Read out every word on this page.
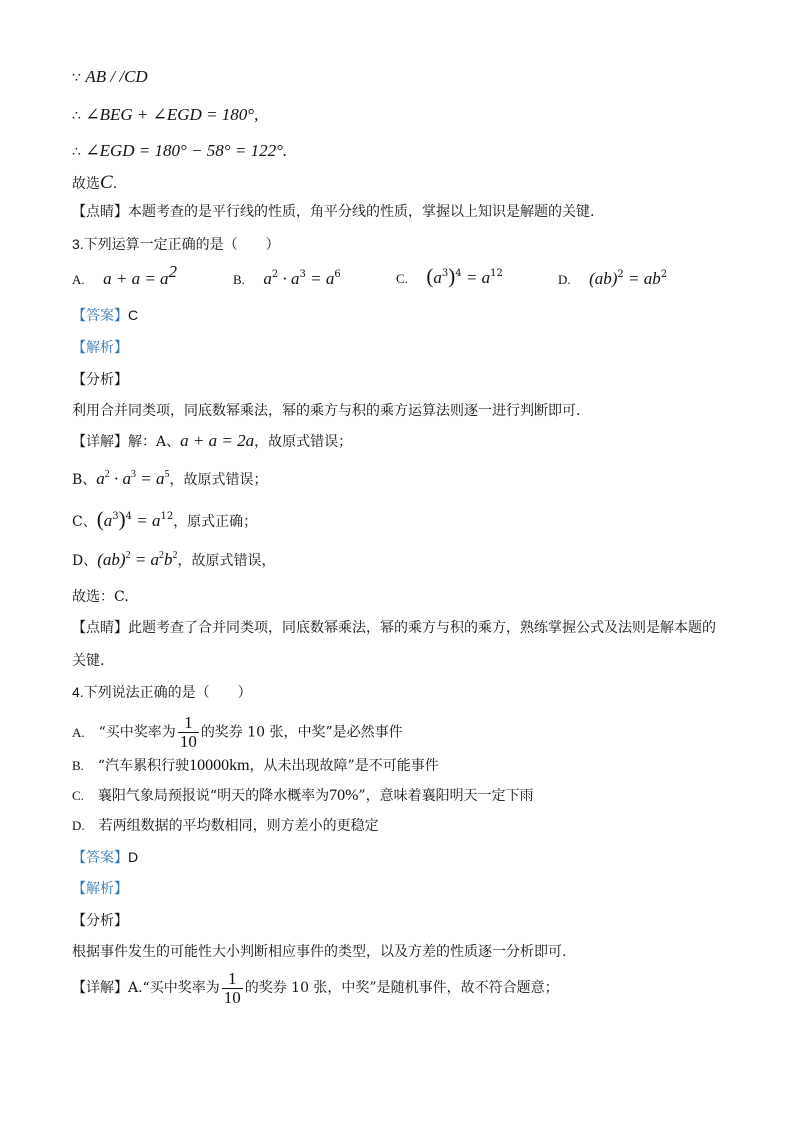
∵ AB / /CD
∴ ∠BEG + ∠EGD = 180°,
∴ ∠EGD = 180° − 58° = 122°.
故选C.
【点睛】本题考查的是平行线的性质，角平分线的性质，掌握以上知识是解题的关键.
3.下列运算一定正确的是（　　）
A. $a + a = a^2$	B. $a^2 \cdot a^3 = a^6$	C. $(a^3)^4 = a^{12}$	D. $(ab)^2 = ab^2$
【答案】C
【解析】
【分析】
利用合并同类项，同底数幂乘法，幂的乘方与积的乘方运算法则逐一进行判断即可.
【详解】解：A、a + a = 2a，故原式错误；
B、$a^2 \cdot a^3 = a^5$，故原式错误；
C、$(a^3)^4 = a^{12}$，原式正确；
D、$(ab)^2 = a^2b^2$，故原式错误，
故选：C.
【点睛】此题考查了合并同类项，同底数幂乘法，幂的乘方与积的乘方，熟练掌握公式及法则是解本题的
关键.
4.下列说法正确的是（　　）
A. “买中奖率为 $\frac{1}{10}$ 的奖券 10 张，中奖”是必然事件
B. “汽车累积行驶10000km，从未出现故障”是不可能事件
C. 襄阳气象局预报说“明天的降水概率为70%”，意味着襄阳明天一定下雨
D. 若两组数据的平均数相同，则方差小的更稳定
【答案】D
【解析】
【分析】
根据事件发生的可能性大小判断相应事件的类型，以及方差的性质逐一分析即可.
【详解】A.“买中奖率为 $\frac{1}{10}$ 的奖券 10 张，中奖”是随机事件，故不符合题意；
